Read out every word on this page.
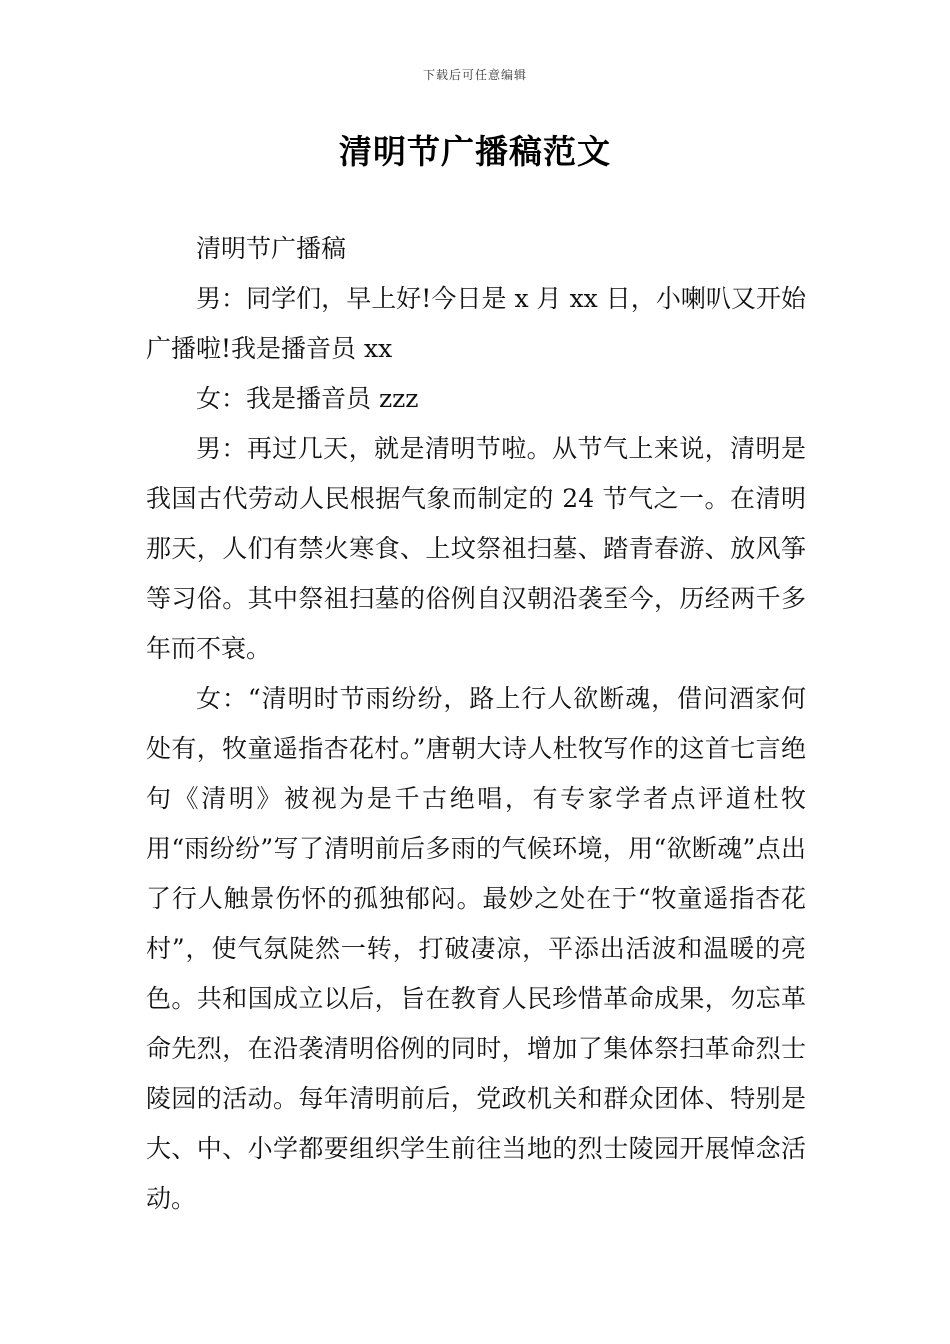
下载后可任意编辑
清明节广播稿范文

清明节广播稿

男：同学们，早上好!今日是 x 月 xx 日，小喇叭又开始广播啦!我是播音员 xx

女：我是播音员 zzz

男：再过几天，就是清明节啦。从节气上来说，清明是我国古代劳动人民根据气象而制定的 24 节气之一。在清明那天，人们有禁火寒食、上坟祭祖扫墓、踏青春游、放风筝等习俗。其中祭祖扫墓的俗例自汉朝沿袭至今，历经两千多年而不衰。

女：“清明时节雨纷纷，路上行人欲断魂，借问酒家何处有，牧童遥指杏花村。”唐朝大诗人杜牧写作的这首七言绝句《清明》被视为是千古绝唱，有专家学者点评道杜牧用“雨纷纷”写了清明前后多雨的气候环境，用“欲断魂”点出了行人触景伤怀的孤独郁闷。最妙之处在于“牧童遥指杏花村”，使气氛陡然一转，打破凄凉，平添出活波和温暖的亮色。共和国成立以后，旨在教育人民珍惜革命成果，勿忘革命先烈，在沿袭清明俗例的同时，增加了集体祭扫革命烈士陵园的活动。每年清明前后，党政机关和群众团体、特别是大、中、小学都要组织学生前往当地的烈士陵园开展悼念活动。
